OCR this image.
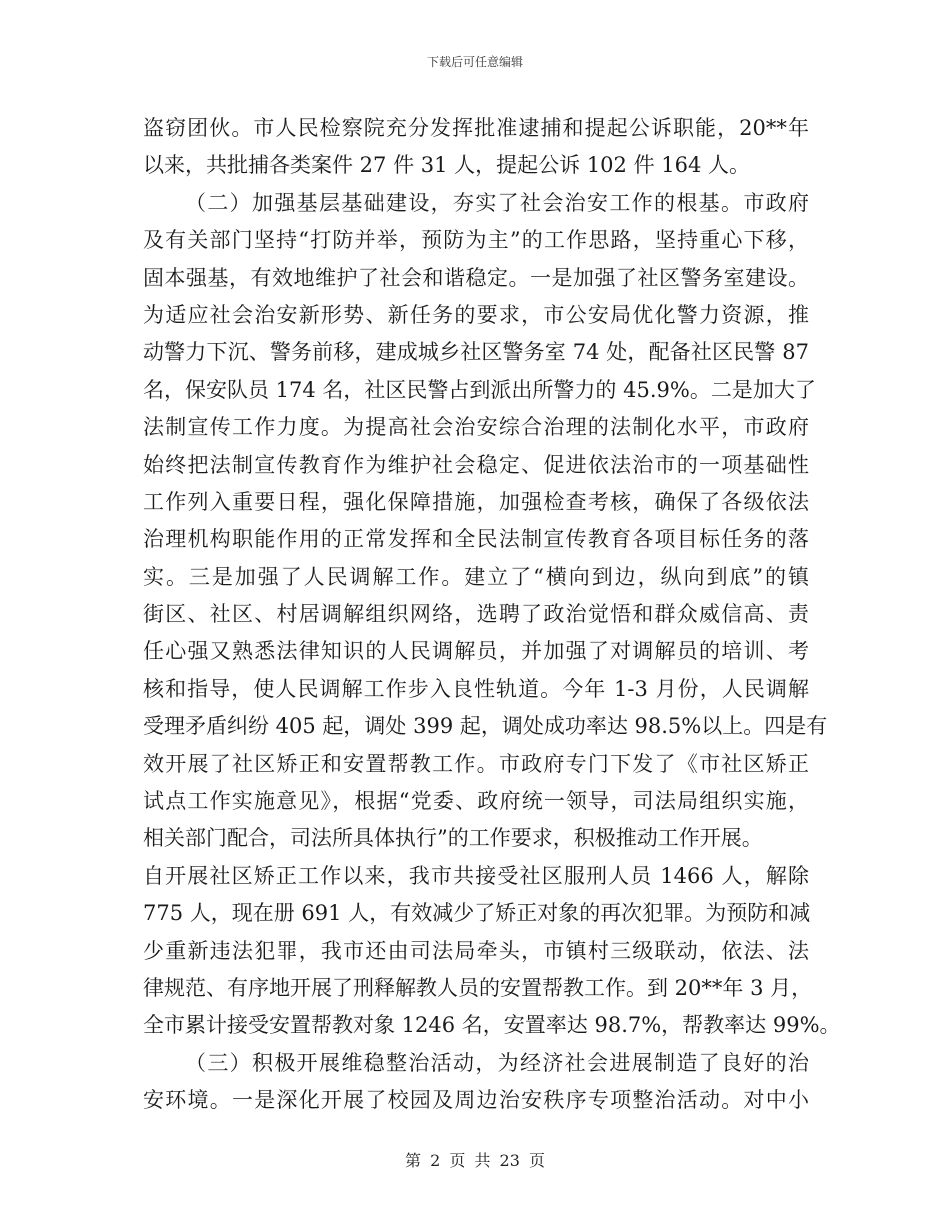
下载后可任意编辑
盗窃团伙。市人民检察院充分发挥批准逮捕和提起公诉职能，20**年
以来，共批捕各类案件 27 件 31 人，提起公诉 102 件 164 人。
（二）加强基层基础建设，夯实了社会治安工作的根基。市政府
及有关部门坚持“打防并举，预防为主”的工作思路，坚持重心下移，
固本强基，有效地维护了社会和谐稳定。一是加强了社区警务室建设。
为适应社会治安新形势、新任务的要求，市公安局优化警力资源，推
动警力下沉、警务前移，建成城乡社区警务室 74 处，配备社区民警 87
名，保安队员 174 名，社区民警占到派出所警力的 45.9%。二是加大了
法制宣传工作力度。为提高社会治安综合治理的法制化水平，市政府
始终把法制宣传教育作为维护社会稳定、促进依法治市的一项基础性
工作列入重要日程，强化保障措施，加强检查考核，确保了各级依法
治理机构职能作用的正常发挥和全民法制宣传教育各项目标任务的落
实。三是加强了人民调解工作。建立了“横向到边，纵向到底”的镇
街区、社区、村居调解组织网络，选聘了政治觉悟和群众威信高、责
任心强又熟悉法律知识的人民调解员，并加强了对调解员的培训、考
核和指导，使人民调解工作步入良性轨道。今年 1-3 月份，人民调解
受理矛盾纠纷 405 起，调处 399 起，调处成功率达 98.5%以上。四是有
效开展了社区矫正和安置帮教工作。市政府专门下发了《市社区矫正
试点工作实施意见》，根据“党委、政府统一领导，司法局组织实施，
相关部门配合，司法所具体执行”的工作要求，积极推动工作开展。
自开展社区矫正工作以来，我市共接受社区服刑人员 1466 人，解除
775 人，现在册 691 人，有效减少了矫正对象的再次犯罪。为预防和减
少重新违法犯罪，我市还由司法局牵头，市镇村三级联动，依法、法
律规范、有序地开展了刑释解教人员的安置帮教工作。到 20**年 3 月，
全市累计接受安置帮教对象 1246 名，安置率达 98.7%，帮教率达 99%。
（三）积极开展维稳整治活动，为经济社会进展制造了良好的治
安环境。一是深化开展了校园及周边治安秩序专项整治活动。对中小
第 2 页 共 23 页
